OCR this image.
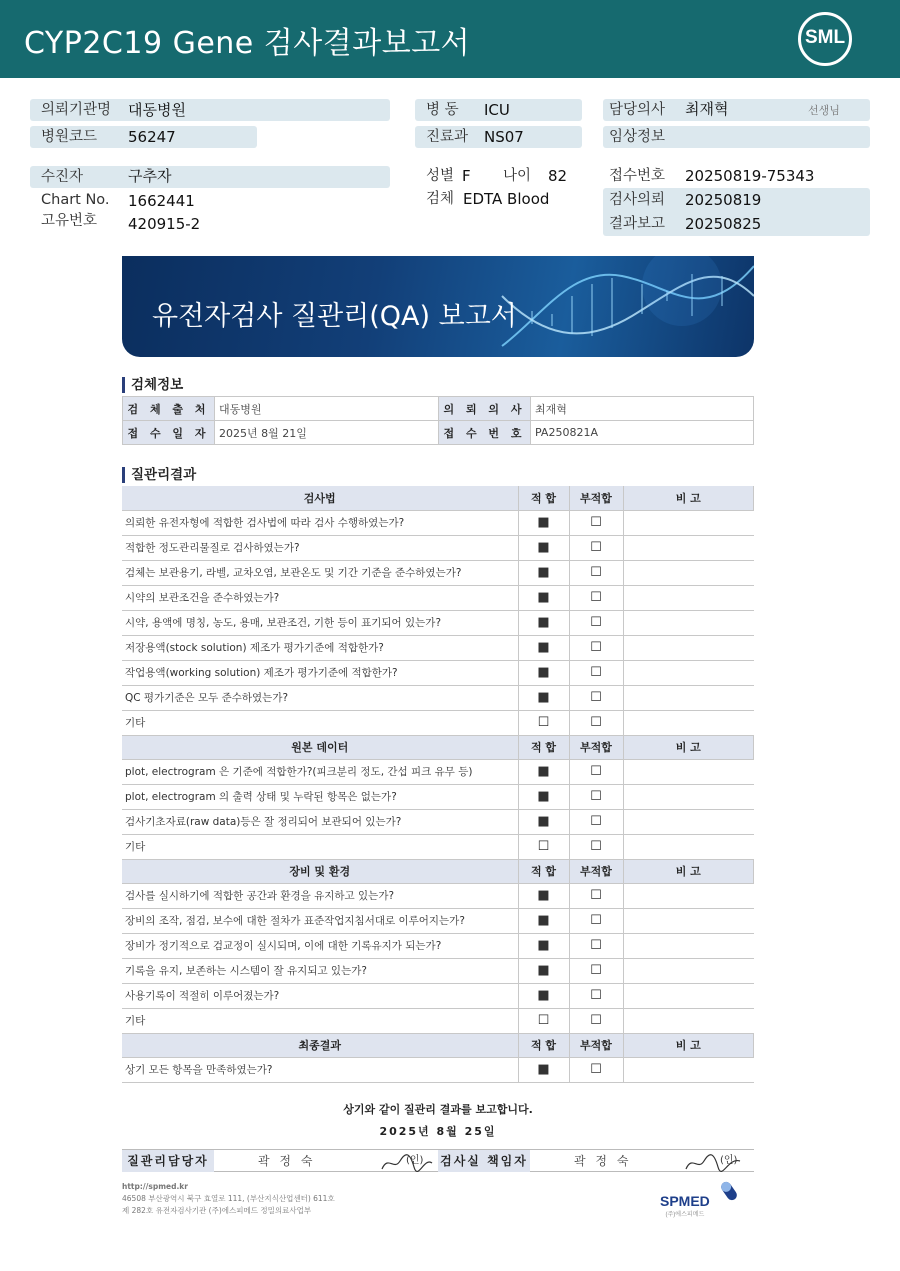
CYP2C19 Gene 검사결과보고서	SML
의뢰기관명 대동병원
병원코드 56247
병 동 ICU
진료과 NS07
담당의사 최재혁	선생님
임상정보
수진자	구추자
Chart No. 1662441
고유번호 420915-2
성별 F 나이 82
검체 EDTA Blood
접수번호 20250819-75343
검사의뢰 20250819
결과보고 20250825
유전자검사 질관리(QA) 보고서
검체정보
검 체 출 처	대동병원	의 뢰 의 사	최재혁
접 수 일 자	2025년 8월 21일	접 수 번 호	PA250821A
질관리결과
검사법	적 합	부적합	비 고
의뢰한 유전자형에 적합한 검사법에 따라 검사 수행하였는가?	■	☐	
적합한 정도관리물질로 검사하였는가?	■	☐	
검체는 보관용기, 라벨, 교차오염, 보관온도 및 기간 기준을 준수하였는가?	■	☐	
시약의 보관조건을 준수하였는가?	■	☐	
시약, 용액에 명칭, 농도, 용매, 보관조건, 기한 등이 표기되어 있는가?	■	☐	
저장용액(stock solution) 제조가 평가기준에 적합한가?	■	☐	
작업용액(working solution) 제조가 평가기준에 적합한가?	■	☐	
QC 평가기준은 모두 준수하였는가?	■	☐	
기타	☐	☐	
원본 데이터	적 합	부적합	비 고
plot, electrogram 은 기준에 적합한가?(피크분리 정도, 간섭 피크 유무 등)	■	☐	
plot, electrogram 의 출력 상태 및 누락된 항목은 없는가?	■	☐	
검사기초자료(raw data)등은 잘 정리되어 보관되어 있는가?	■	☐	
기타	☐	☐	
장비 및 환경	적 합	부적합	비 고
검사를 실시하기에 적합한 공간과 환경을 유지하고 있는가?	■	☐	
장비의 조작, 점검, 보수에 대한 절차가 표준작업지침서대로 이루어지는가?	■	☐	
장비가 정기적으로 검교정이 실시되며, 이에 대한 기록유지가 되는가?	■	☐	
기록을 유지, 보존하는 시스템이 잘 유지되고 있는가?	■	☐	
사용기록이 적절히 이루어졌는가?	■	☐	
기타	☐	☐	
최종결과	적 합	부적합	비 고
상기 모든 항목을 만족하였는가?	■	☐	
상기와 같이 질관리 결과를 보고합니다.
2025년 8월 25일
질관리담당자	곽 정 숙	(인) 검사실 책임자	곽 정 숙	(인)
http://spmed.kr
46508 부산광역시 북구 효열로 111, (부산지식산업센터) 611호
제 282호 유전자검사기관 (주)에스피메드 정밀의료사업부
SPMED
(주)에스피메드
